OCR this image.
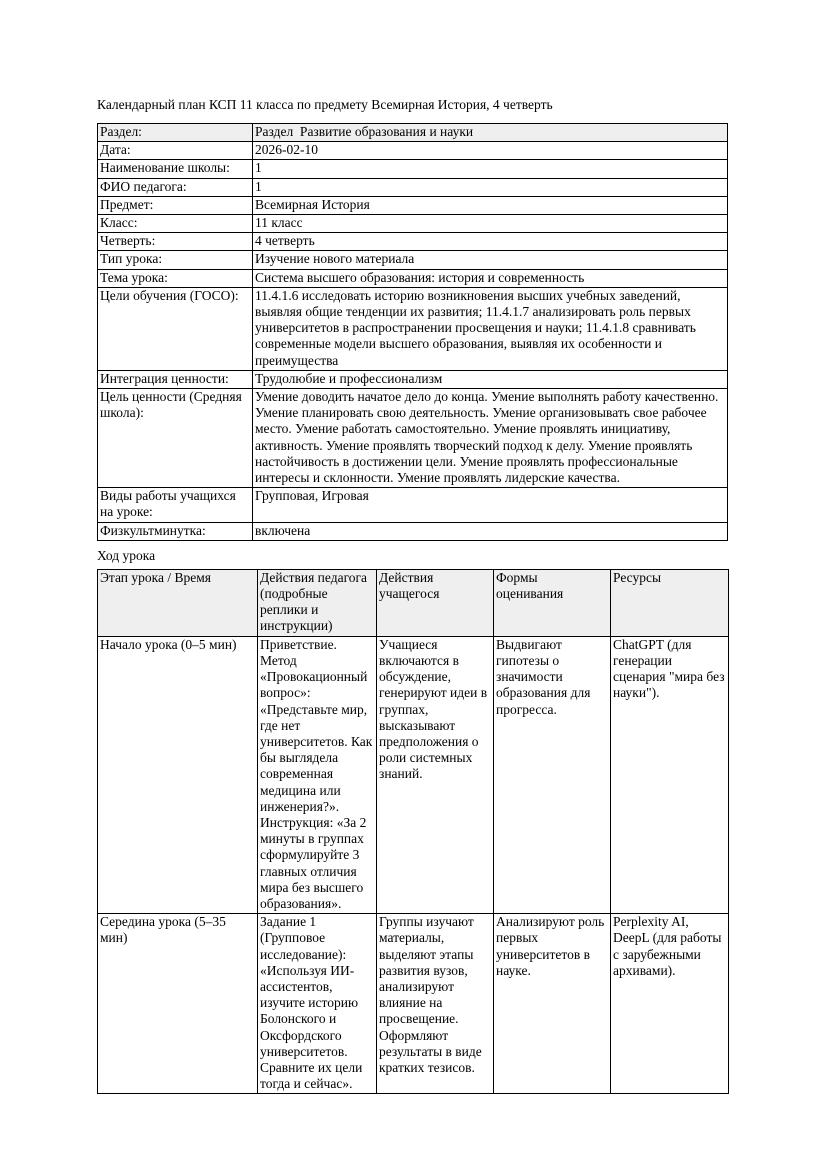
Календарный план КСП 11 класса по предмету Всемирная История, 4 четверть

Раздел:	Раздел  Развитие образования и науки
Дата:	2026-02-10
Наименование школы:	1
ФИО педагога:	1
Предмет:	Всемирная История
Класс:	11 класс
Четверть:	4 четверть
Тип урока:	Изучение нового материала
Тема урока:	Система высшего образования: история и современность
Цели обучения (ГОСО):	11.4.1.6 исследовать историю возникновения высших учебных заведений, выявляя общие тенденции их развития; 11.4.1.7 анализировать роль первых университетов в распространении просвещения и науки; 11.4.1.8 сравнивать современные модели высшего образования, выявляя их особенности и преимущества
Интеграция ценности:	Трудолюбие и профессионализм
Цель ценности (Средняя школа):	Умение доводить начатое дело до конца. Умение выполнять работу качественно. Умение планировать свою деятельность. Умение организовывать свое рабочее место. Умение работать самостоятельно. Умение проявлять инициативу, активность. Умение проявлять творческий подход к делу. Умение проявлять настойчивость в достижении цели. Умение проявлять профессиональные интересы и склонности. Умение проявлять лидерские качества.
Виды работы учащихся на уроке:	Групповая, Игровая
Физкультминутка:	включена

Ход урока

Этап урока / Время	Действия педагога (подробные реплики и инструкции)	Действия учащегося	Формы оценивания	Ресурсы
Начало урока (0–5 мин)	Приветствие. Метод «Провокационный вопрос»: «Представьте мир, где нет университетов. Как бы выглядела современная медицина или инженерия?». Инструкция: «За 2 минуты в группах сформулируйте 3 главных отличия мира без высшего образования».	Учащиеся включаются в обсуждение, генерируют идеи в группах, высказывают предположения о роли системных знаний.	Выдвигают гипотезы о значимости образования для прогресса.	ChatGPT (для генерации сценария "мира без науки").
Середина урока (5–35 мин)	Задание 1 (Групповое исследование): «Используя ИИ-ассистентов, изучите историю Болонского и Оксфордского университетов. Сравните их цели тогда и сейчас».	Группы изучают материалы, выделяют этапы развития вузов, анализируют влияние на просвещение. Оформляют результаты в виде кратких тезисов.	Анализируют роль первых университетов в науке.	Perplexity AI, DeepL (для работы с зарубежными архивами).
